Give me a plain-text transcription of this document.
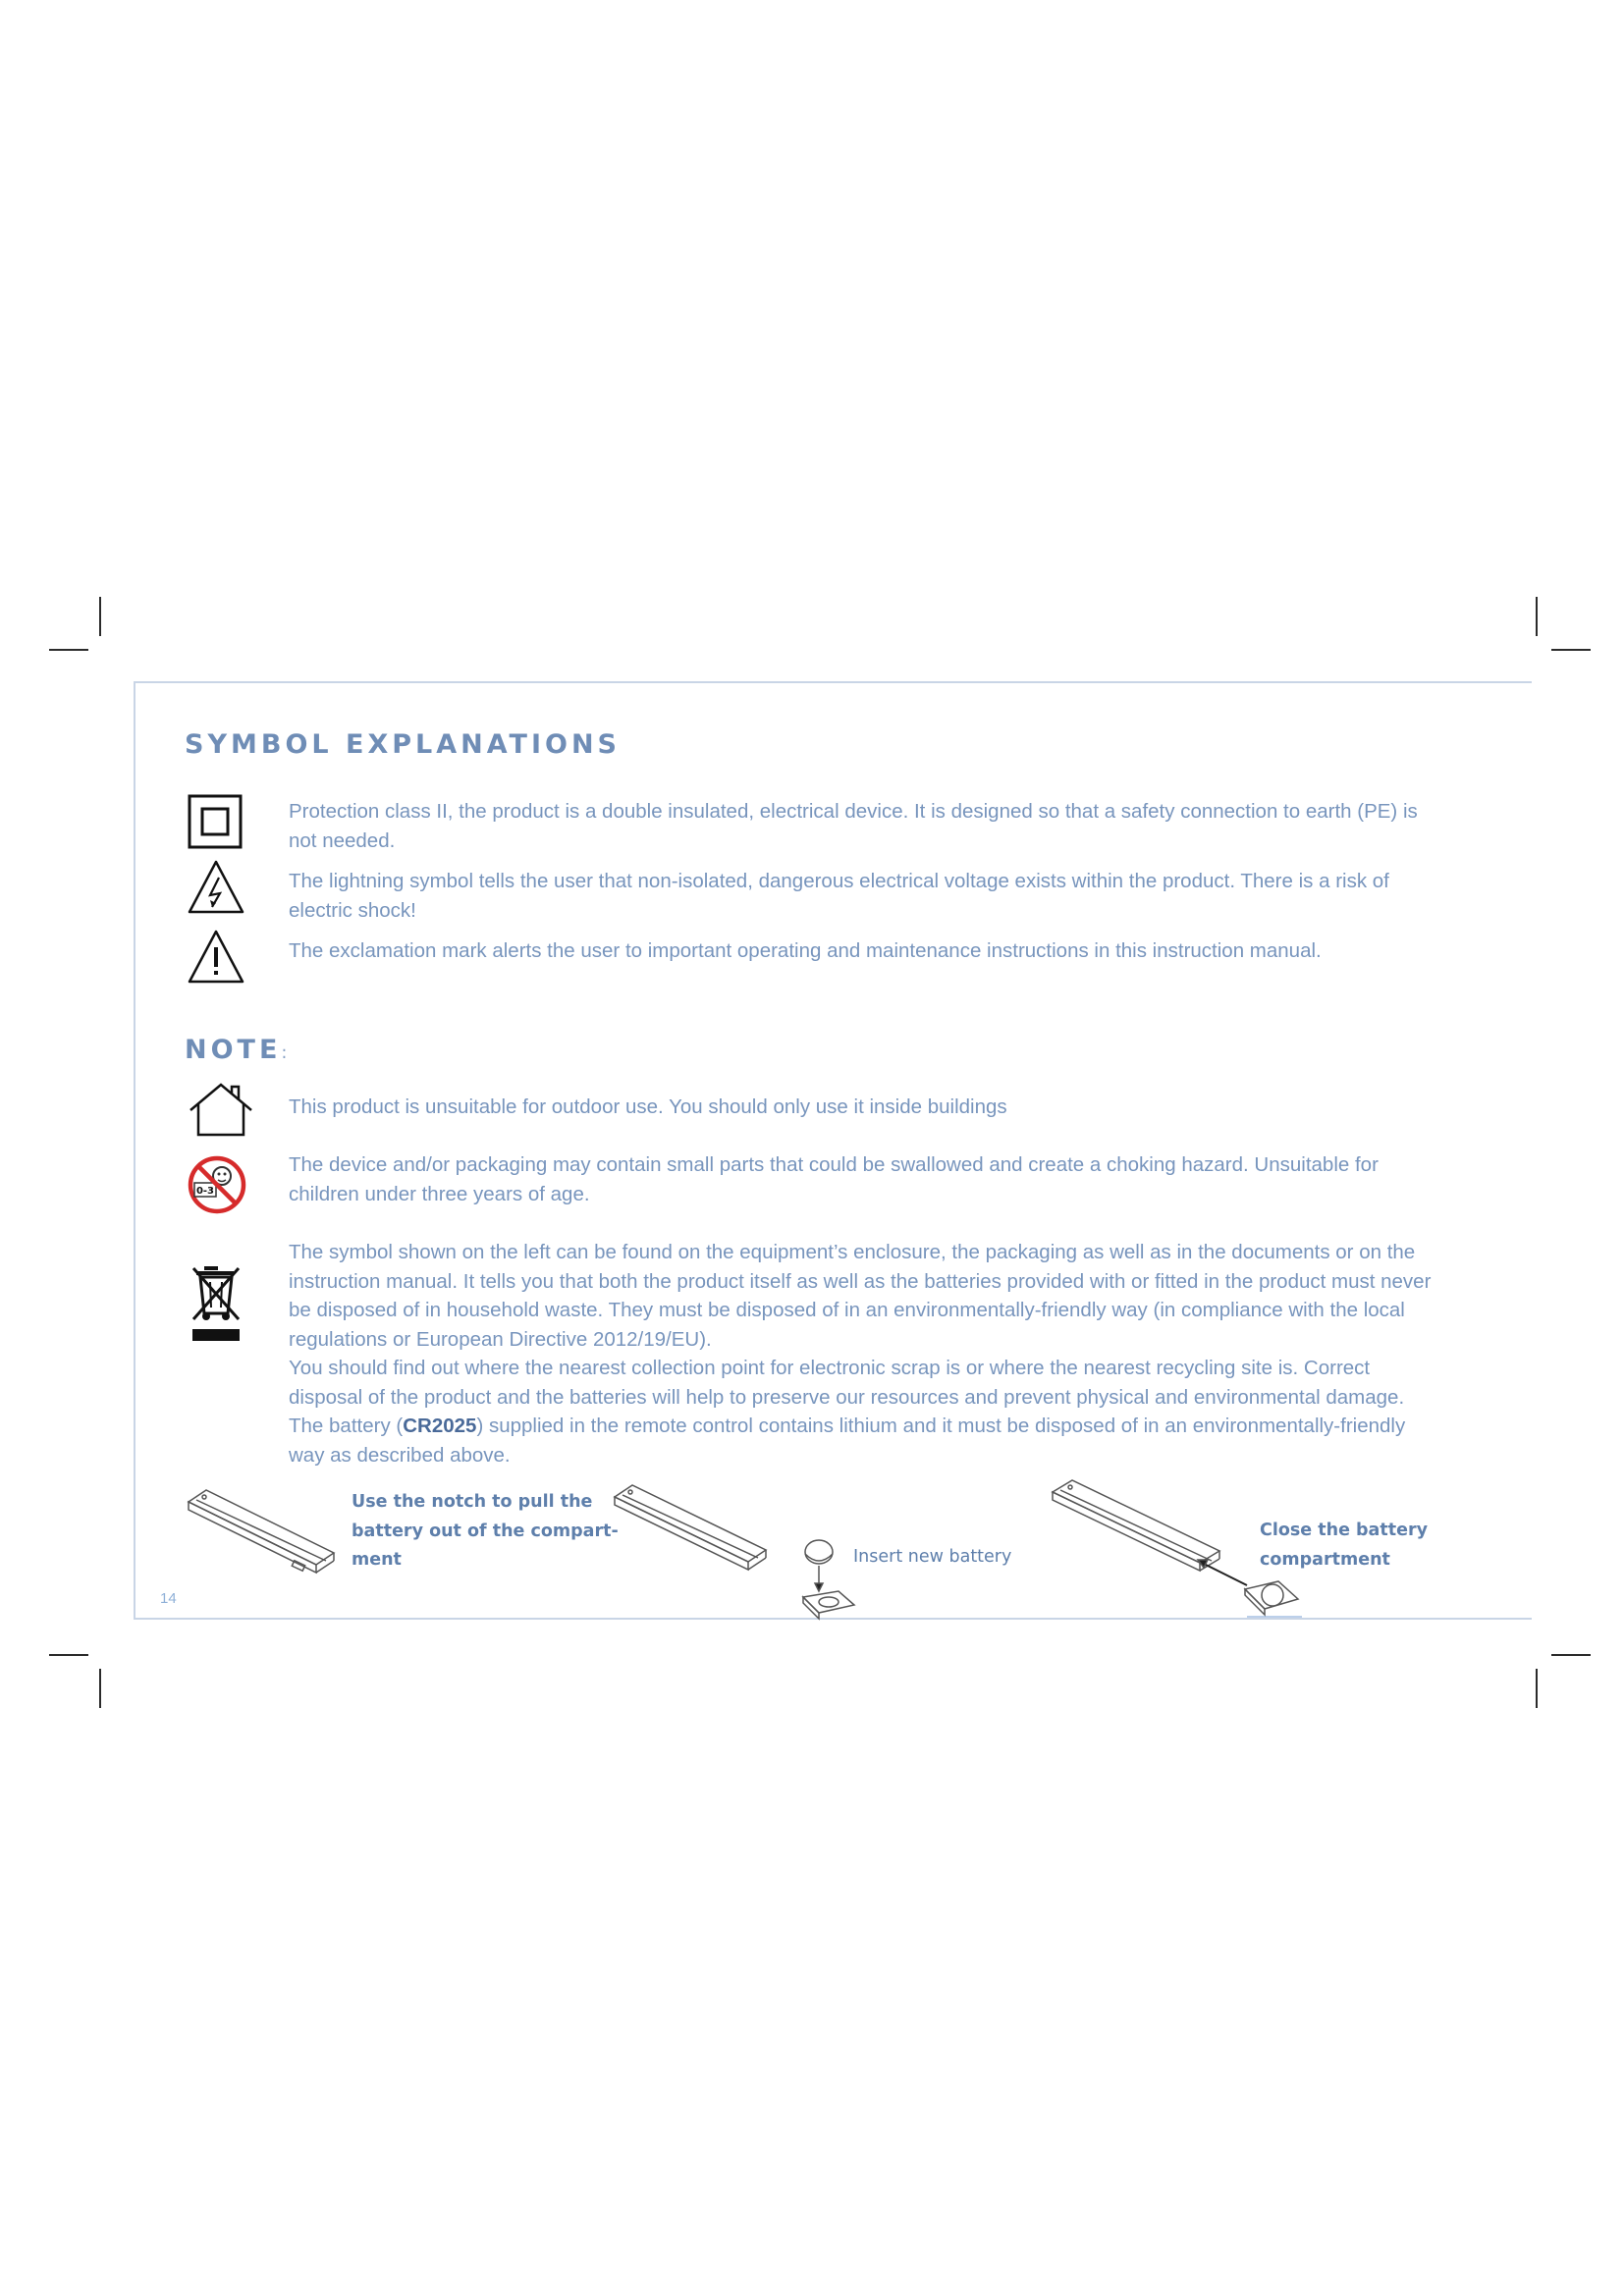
SYMBOL EXPLANATIONS

Protection class II, the product is a double insulated, electrical device. It is designed so that a safety connection to earth (PE) is not needed.

The lightning symbol tells the user that non-isolated, dangerous electrical voltage exists within the product. There is a risk of electric shock!

The exclamation mark alerts the user to important operating and maintenance instructions in this instruction manual.

NOTE:

This product is unsuitable for outdoor use. You should only use it inside buildings

0-3

The device and/or packaging may contain small parts that could be swallowed and create a choking hazard. Unsuitable for children under three years of age.

The symbol shown on the left can be found on the equipment’s enclosure, the packaging as well as in the documents or on the instruction manual. It tells you that both the product itself as well as the batteries provided with or fitted in the product must never be disposed of in household waste. They must be disposed of in an environmentally-friendly way (in compliance with the local regulations or European Directive 2012/19/EU).
You should find out where the nearest collection point for electronic scrap is or where the nearest recycling site is. Correct disposal of the product and the batteries will help to preserve our resources and prevent physical and environmental damage. The battery (CR2025) supplied in the remote control contains lithium and it must be disposed of in an environmentally-friendly way as described above.

Use the notch to pull the
battery out of the compart-
ment	Insert new battery

Close the battery
compartment

14
